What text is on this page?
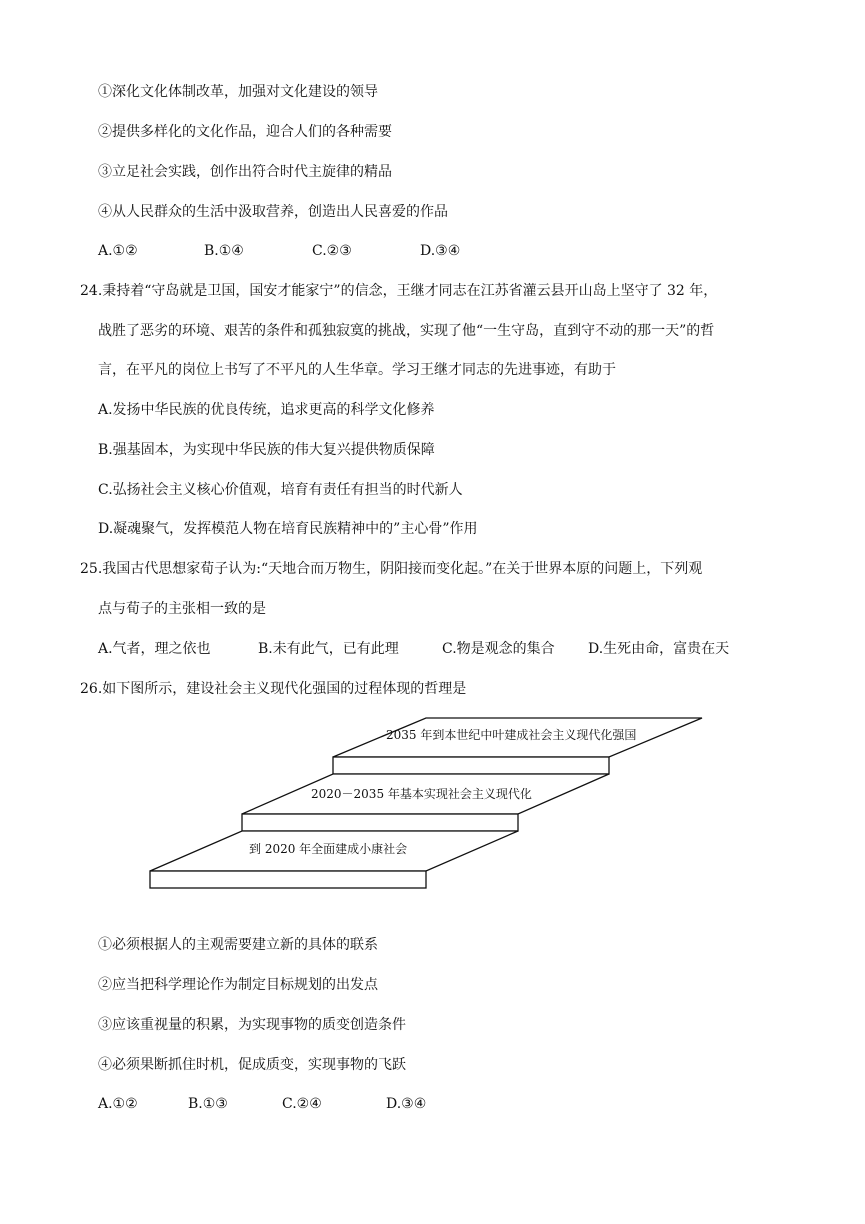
①深化文化体制改革，加强对文化建设的领导
②提供多样化的文化作品，迎合人们的各种需要
③立足社会实践，创作出符合时代主旋律的精品
④从人民群众的生活中汲取营养，创造出人民喜爱的作品
A.①②	B.①④	C.②③	D.③④
24.秉持着“守岛就是卫国，国安才能家宁”的信念，王继才同志在江苏省灌云县开山岛上坚守了 32 年，
战胜了恶劣的环境、艰苦的条件和孤独寂寞的挑战，实现了他“一生守岛，直到守不动的那一天”的哲
言，在平凡的岗位上书写了不平凡的人生华章。学习王继才同志的先进事迹，有助于
A.发扬中华民族的优良传统，追求更高的科学文化修养
B.强基固本，为实现中华民族的伟大复兴提供物质保障
C.弘扬社会主义核心价值观，培育有责任有担当的时代新人
D.凝魂聚气，发挥模范人物在培育民族精神中的”主心骨”作用
25.我国古代思想家荀子认为:“天地合而万物生，阴阳接而变化起。”在关于世界本原的问题上，下列观
点与荀子的主张相一致的是
A.气者，理之依也	B.未有此气，已有此理	C.物是观念的集合 D.生死由命，富贵在天
26.如下图所示，建设社会主义现代化强国的过程体现的哲理是
2035 年到本世纪中叶建成社会主义现代化强国
2020－2035 年基本实现社会主义现代化
到 2020 年全面建成小康社会
①必须根据人的主观需要建立新的具体的联系
②应当把科学理论作为制定目标规划的出发点
③应该重视量的积累，为实现事物的质变创造条件
④必须果断抓住时机，促成质变，实现事物的飞跃
A.①②	B.①③	C.②④	D.③④
